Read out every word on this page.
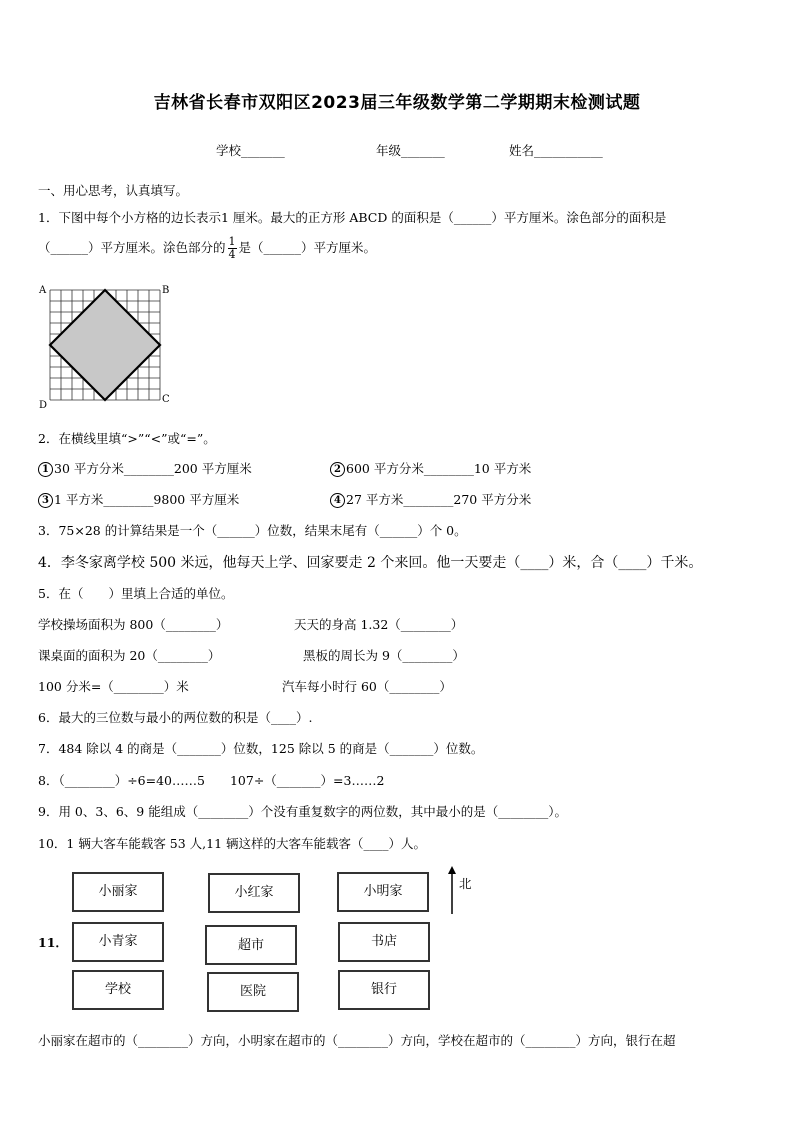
吉林省长春市双阳区2023届三年级数学第二学期期末检测试题
学校_______	年级_______	姓名___________
一、用心思考，认真填写。
1．下图中每个小方格的边长表示1 厘米。最大的正方形 ABCD 的面积是（______）平方厘米。涂色部分的面积是
（______）平方厘米。涂色部分的 $\frac{1}{4}$ 是（______）平方厘米。
A	B
C
D
2．在横线里填“>”“<”或“=”。
1 30 平方分米________200 平方厘米	2 600 平方分米________10 平方米
3 1 平方米________9800 平方厘米	4 27 平方米________270 平方分米
3．75×28 的计算结果是一个（______）位数，结果末尾有（______）个 0。
4．李冬家离学校 500 米远，他每天上学、回家要走 2 个来回。他一天要走（____）米，合（____）千米。
5．在（　　）里填上合适的单位。
学校操场面积为 800（________）	天天的身高 1.32（________）
课桌面的面积为 20（________）	黑板的周长为 9（________）
100 分米=（________）米	汽车每小时行 60（________）
6．最大的三位数与最小的两位数的积是（____）.
7．484 除以 4 的商是（_______）位数，125 除以 5 的商是（_______）位数。
8．（________）÷6=40……5　　107÷（_______）=3……2
9．用 0、3、6、9 能组成（________）个没有重复数字的两位数，其中最小的是（________）。
10．1 辆大客车能载客 53 人,11 辆这样的大客车能载客（____）人。
11．
小丽家	小红家	小明家
小青家	超市	书店
学校	医院	银行
北
小丽家在超市的（________）方向，小明家在超市的（________）方向，学校在超市的（________）方向，银行在超
